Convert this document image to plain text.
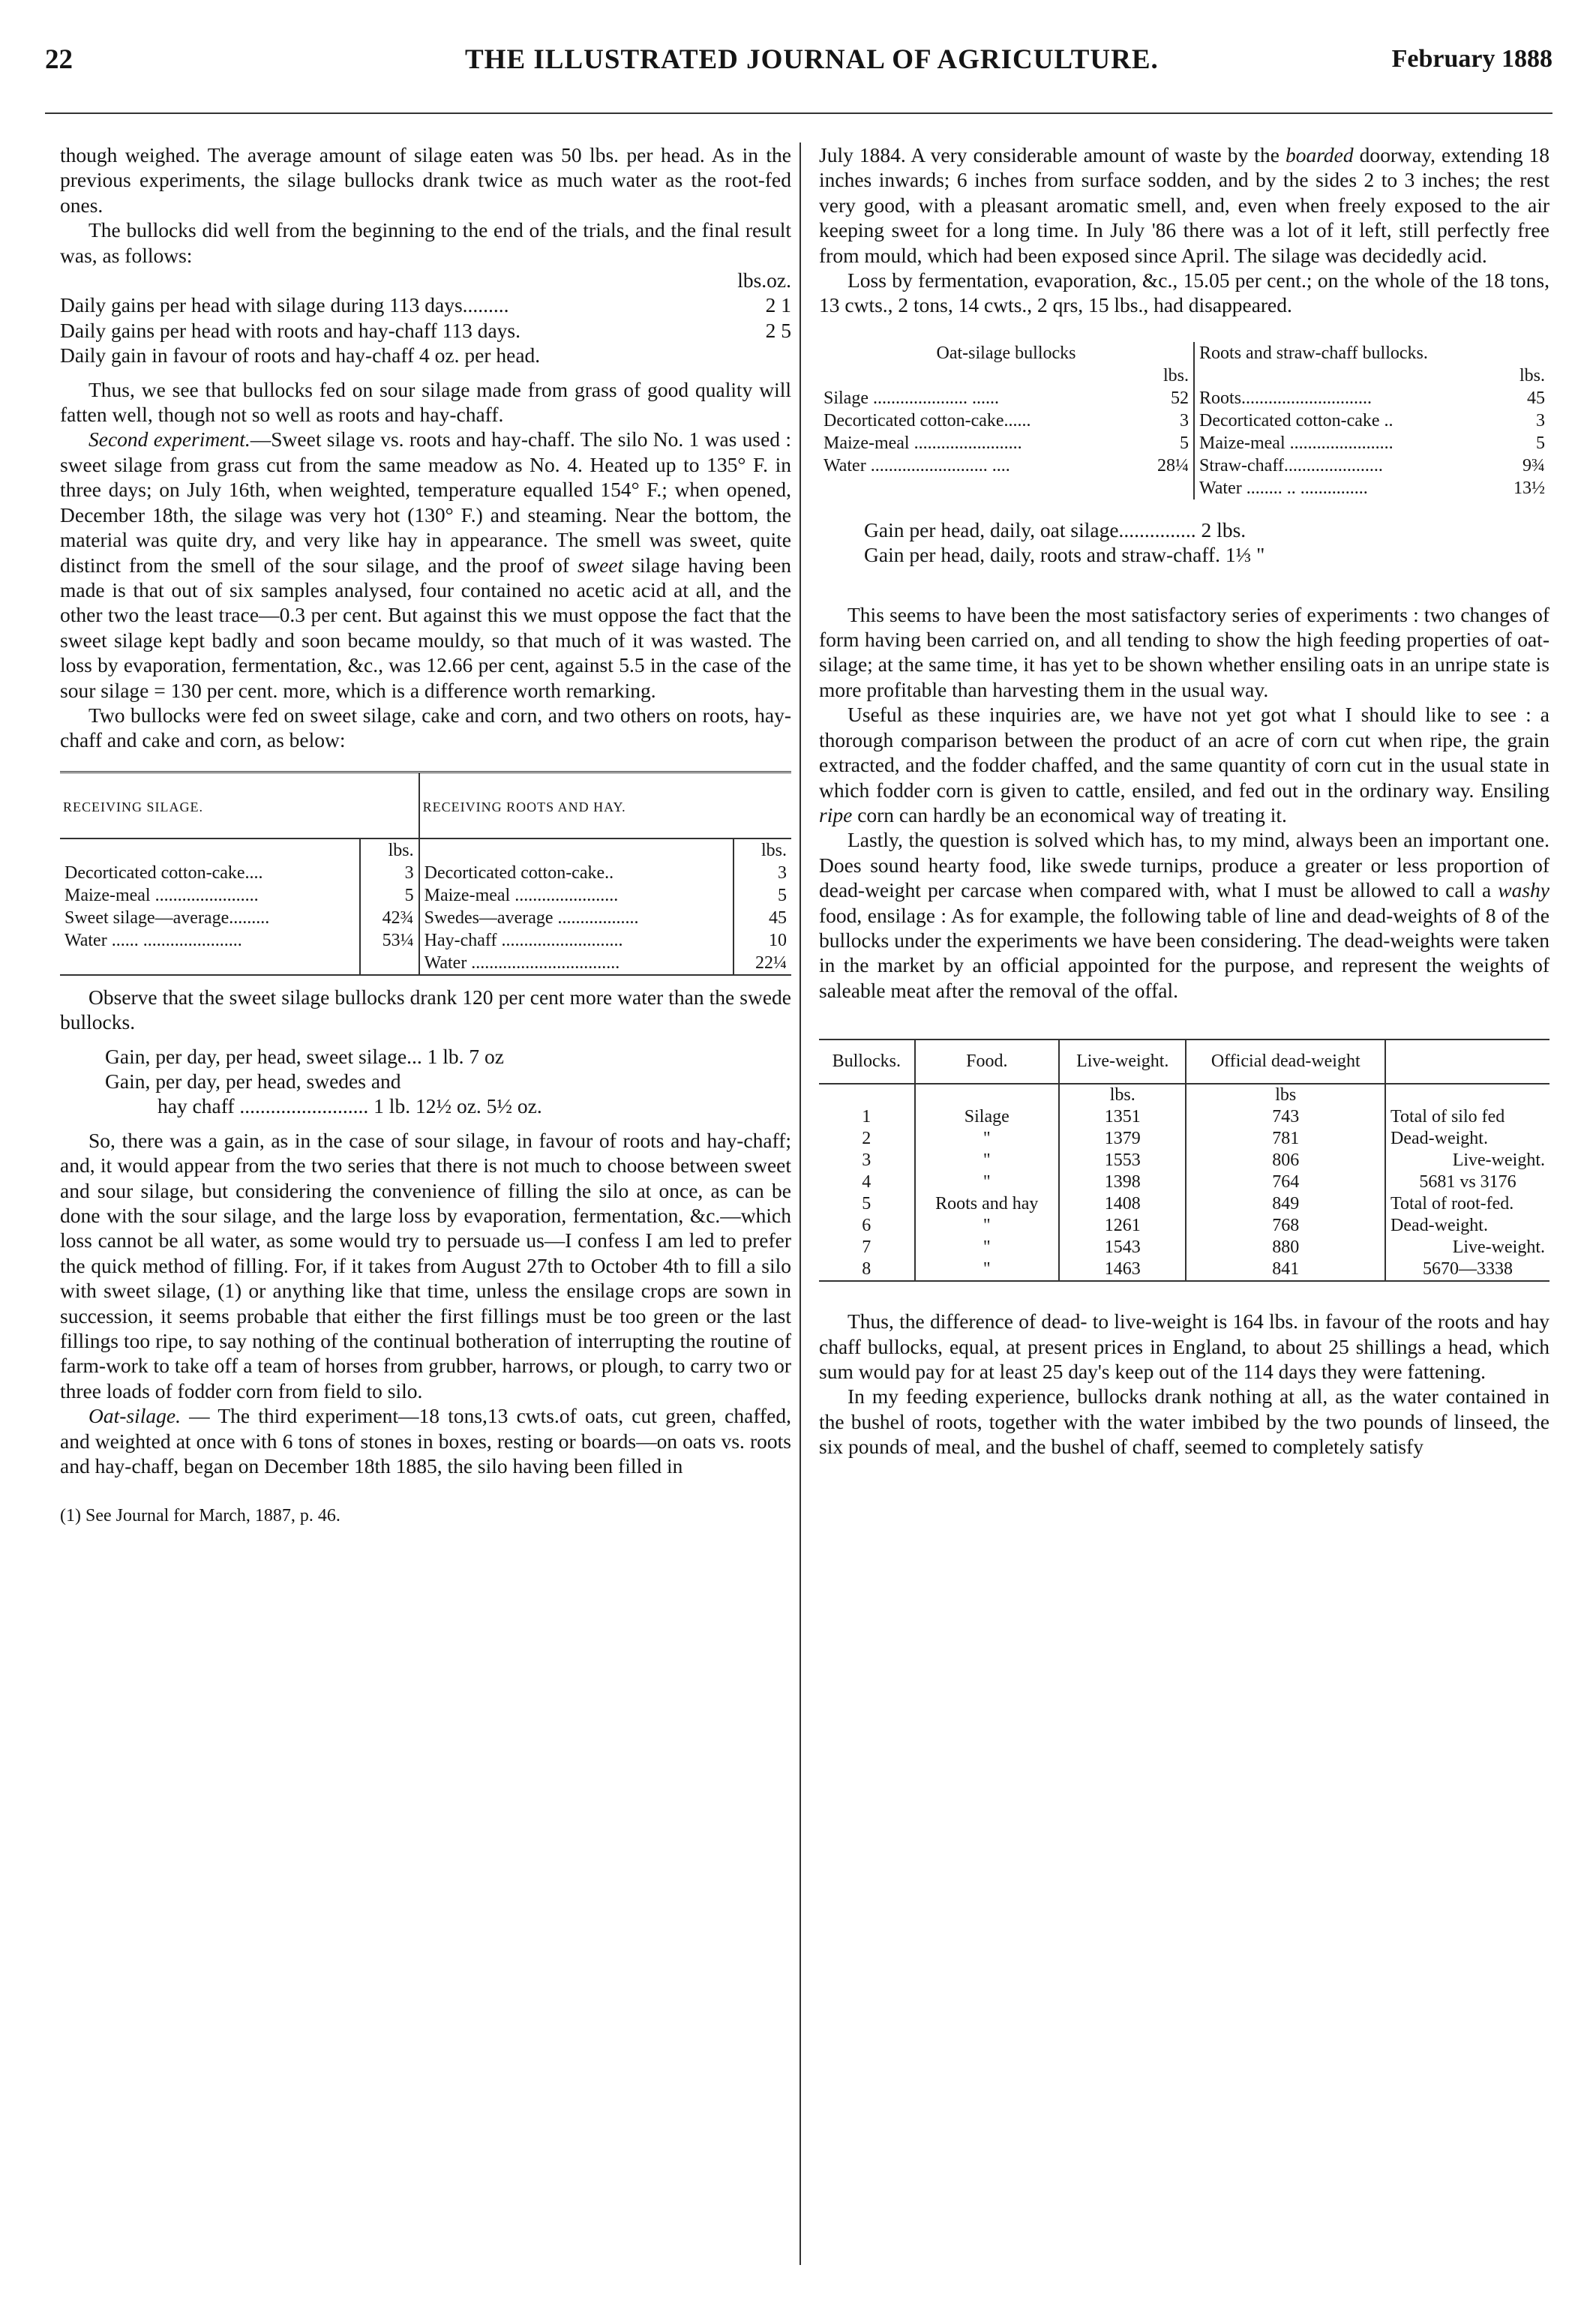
22	THE ILLUSTRATED JOURNAL OF AGRICULTURE.	February 1888

though weighed. The average amount of silage eaten was 50 lbs. per head. As in the previous experiments, the silage bullocks drank twice as much water as the root-fed ones.

The bullocks did well from the beginning to the end of the trials, and the final result was, as follows:

lbs.oz.
Daily gains per head with silage during 113 days.........	2 1
Daily gains per head with roots and hay-chaff 113 days.	2 5

Daily gain in favour of roots and hay-chaff 4 oz. per head.

Thus, we see that bullocks fed on sour silage made from grass of good quality will fatten well, though not so well as roots and hay-chaff.

Second experiment.—Sweet silage vs. roots and hay-chaff. The silo No. 1 was used : sweet silage from grass cut from the same meadow as No. 4. Heated up to 135° F. in three days; on July 16th, when weighted, temperature equalled 154° F.; when opened, December 18th, the silage was very hot (130° F.) and steaming. Near the bottom, the material was quite dry, and very like hay in appearance. The smell was sweet, quite distinct from the smell of the sour silage, and the proof of sweet silage having been made is that out of six samples analysed, four contained no acetic acid at all, and the other two the least trace—0.3 per cent. But against this we must oppose the fact that the sweet silage kept badly and soon became mouldy, so that much of it was wasted. The loss by evaporation, fermentation, &c., was 12.66 per cent, against 5.5 in the case of the sour silage = 130 per cent. more, which is a difference worth remarking.

Two bullocks were fed on sweet silage, cake and corn, and two others on roots, hay-chaff and cake and corn, as below:

RECEIVING SILAGE.		RECEIVING ROOTS AND HAY.	
	lbs.		lbs.
Decorticated cotton-cake....	3	Decorticated cotton-cake..	3
Maize-meal .......................	5	Maize-meal .......................	5
Sweet silage—average.........	42¾	Swedes—average ..................	45
Water ...... ......................	53¼	Hay-chaff ...........................	10
		Water .................................	22¼

Observe that the sweet silage bullocks drank 120 per cent more water than the swede bullocks.

Gain, per day, per head, sweet silage... 1 lb. 7 oz
Gain, per day, per head, swedes and
hay chaff ......................... 1 lb. 12½ oz. 5½ oz.

So, there was a gain, as in the case of sour silage, in favour of roots and hay-chaff; and, it would appear from the two series that there is not much to choose between sweet and sour silage, but considering the convenience of filling the silo at once, as can be done with the sour silage, and the large loss by evaporation, fermentation, &c.—which loss cannot be all water, as some would try to persuade us—I confess I am led to prefer the quick method of filling. For, if it takes from August 27th to October 4th to fill a silo with sweet silage, (1) or anything like that time, unless the ensilage crops are sown in succession, it seems probable that either the first fillings must be too green or the last fillings too ripe, to say nothing of the continual botheration of interrupting the routine of farm-work to take off a team of horses from grubber, harrows, or plough, to carry two or three loads of fodder corn from field to silo.

Oat-silage. — The third experiment—18 tons,13 cwts.of oats, cut green, chaffed, and weighted at once with 6 tons of stones in boxes, resting or boards—on oats vs. roots and hay-chaff, began on December 18th 1885, the silo having been filled in

(1) See Journal for March, 1887, p. 46.

July 1884. A very considerable amount of waste by the boarded doorway, extending 18 inches inwards; 6 inches from surface sodden, and by the sides 2 to 3 inches; the rest very good, with a pleasant aromatic smell, and, even when freely exposed to the air keeping sweet for a long time. In July '86 there was a lot of it left, still perfectly free from mould, which had been exposed since April. The silage was decidedly acid.

Loss by fermentation, evaporation, &c., 15.05 per cent.; on the whole of the 18 tons, 13 cwts., 2 tons, 14 cwts., 2 qrs, 15 lbs., had disappeared.

Oat-silage bullocks		Roots and straw-chaff bullocks.	
	lbs.		lbs.
Silage ..................... ......	52	Roots.............................	45
Decorticated cotton-cake......	3	Decorticated cotton-cake ..	3
Maize-meal ........................	5	Maize-meal .......................	5
Water .......................... ....	28¼	Straw-chaff......................	9¾
		Water ........ .. ...............	13½
Gain per head, daily, oat silage............... 2 lbs.
Gain per head, daily, roots and straw-chaff. 1⅓ "

This seems to have been the most satisfactory series of experiments : two changes of form having been carried on, and all tending to show the high feeding properties of oat-silage; at the same time, it has yet to be shown whether ensiling oats in an unripe state is more profitable than harvesting them in the usual way.

Useful as these inquiries are, we have not yet got what I should like to see : a thorough comparison between the product of an acre of corn cut when ripe, the grain extracted, and the fodder chaffed, and the same quantity of corn cut in the usual state in which fodder corn is given to cattle, ensiled, and fed out in the ordinary way. Ensiling ripe corn can hardly be an economical way of treating it.

Lastly, the question is solved which has, to my mind, always been an important one. Does sound hearty food, like swede turnips, produce a greater or less proportion of dead-weight per carcase when compared with, what I must be allowed to call a washy food, ensilage : As for example, the following table of line and dead-weights of 8 of the bullocks under the experiments we have been considering. The dead-weights were taken in the market by an official appointed for the purpose, and represent the weights of saleable meat after the removal of the offal.

Bullocks.	Food.	Live-weight.	Official dead-weight	
		lbs.	lbs	
1	Silage	1351	743	Total of silo fed
2	"	1379	781	Dead-weight.
3	"	1553	806	Live-weight.
4	"	1398	764	5681 vs 3176
5	Roots and hay	1408	849	Total of root-fed.
6	"	1261	768	Dead-weight.
7	"	1543	880	Live-weight.
8	"	1463	841	5670—3338

Thus, the difference of dead- to live-weight is 164 lbs. in favour of the roots and hay chaff bullocks, equal, at present prices in England, to about 25 shillings a head, which sum would pay for at least 25 day's keep out of the 114 days they were fattening.

In my feeding experience, bullocks drank nothing at all, as the water contained in the bushel of roots, together with the water imbibed by the two pounds of linseed, the six pounds of meal, and the bushel of chaff, seemed to completely satisfy
